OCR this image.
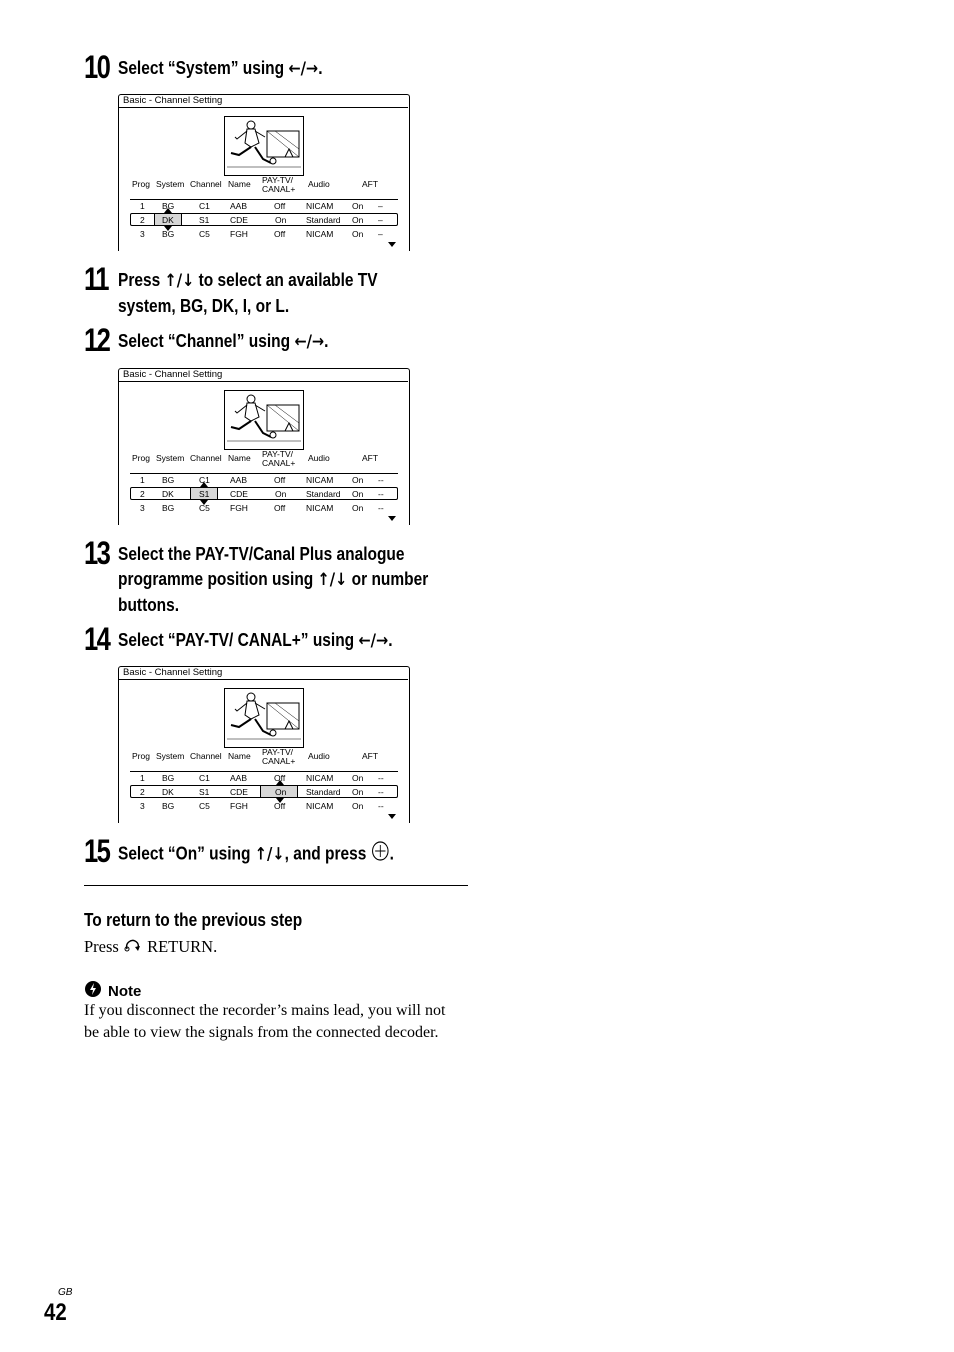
10 Select “System” using ←/→.
Basic - Channel Setting
Prog System Channel Name PAY-TV/
CANAL+ Audio	AFT
1 BG	C1 AAB	Off NICAM On –
2 DK	S1 CDE	On Standard On –
3 BG	C5 FGH	Off NICAM On –
11 Press ↑/↓ to select an available TV
system, BG, DK, I, or L.
12 Select “Channel” using ←/→.
Basic - Channel Setting
Prog System Channel Name PAY-TV/
CANAL+ Audio	AFT
1 BG	C1 AAB	Off NICAM On --
2 DK	S1 CDE	On Standard On --
3 BG	C5 FGH	Off NICAM On --
13 Select the PAY-TV/Canal Plus analogue
programme position using ↑/↓ or number
buttons.
14 Select “PAY-TV/ CANAL+” using ←/→.
Basic - Channel Setting
Prog System Channel Name PAY-TV/
CANAL+ Audio	AFT
1 BG	C1 AAB	Off NICAM On --
2 DK	S1 CDE	On Standard On --
3 BG	C5 FGH	Off NICAM On --
15 Select “On” using ↑/↓, and press .
To return to the previous step
Press  RETURN.
Note
If you disconnect the recorder’s mains lead, you will not
be able to view the signals from the connected decoder.
GB
42
